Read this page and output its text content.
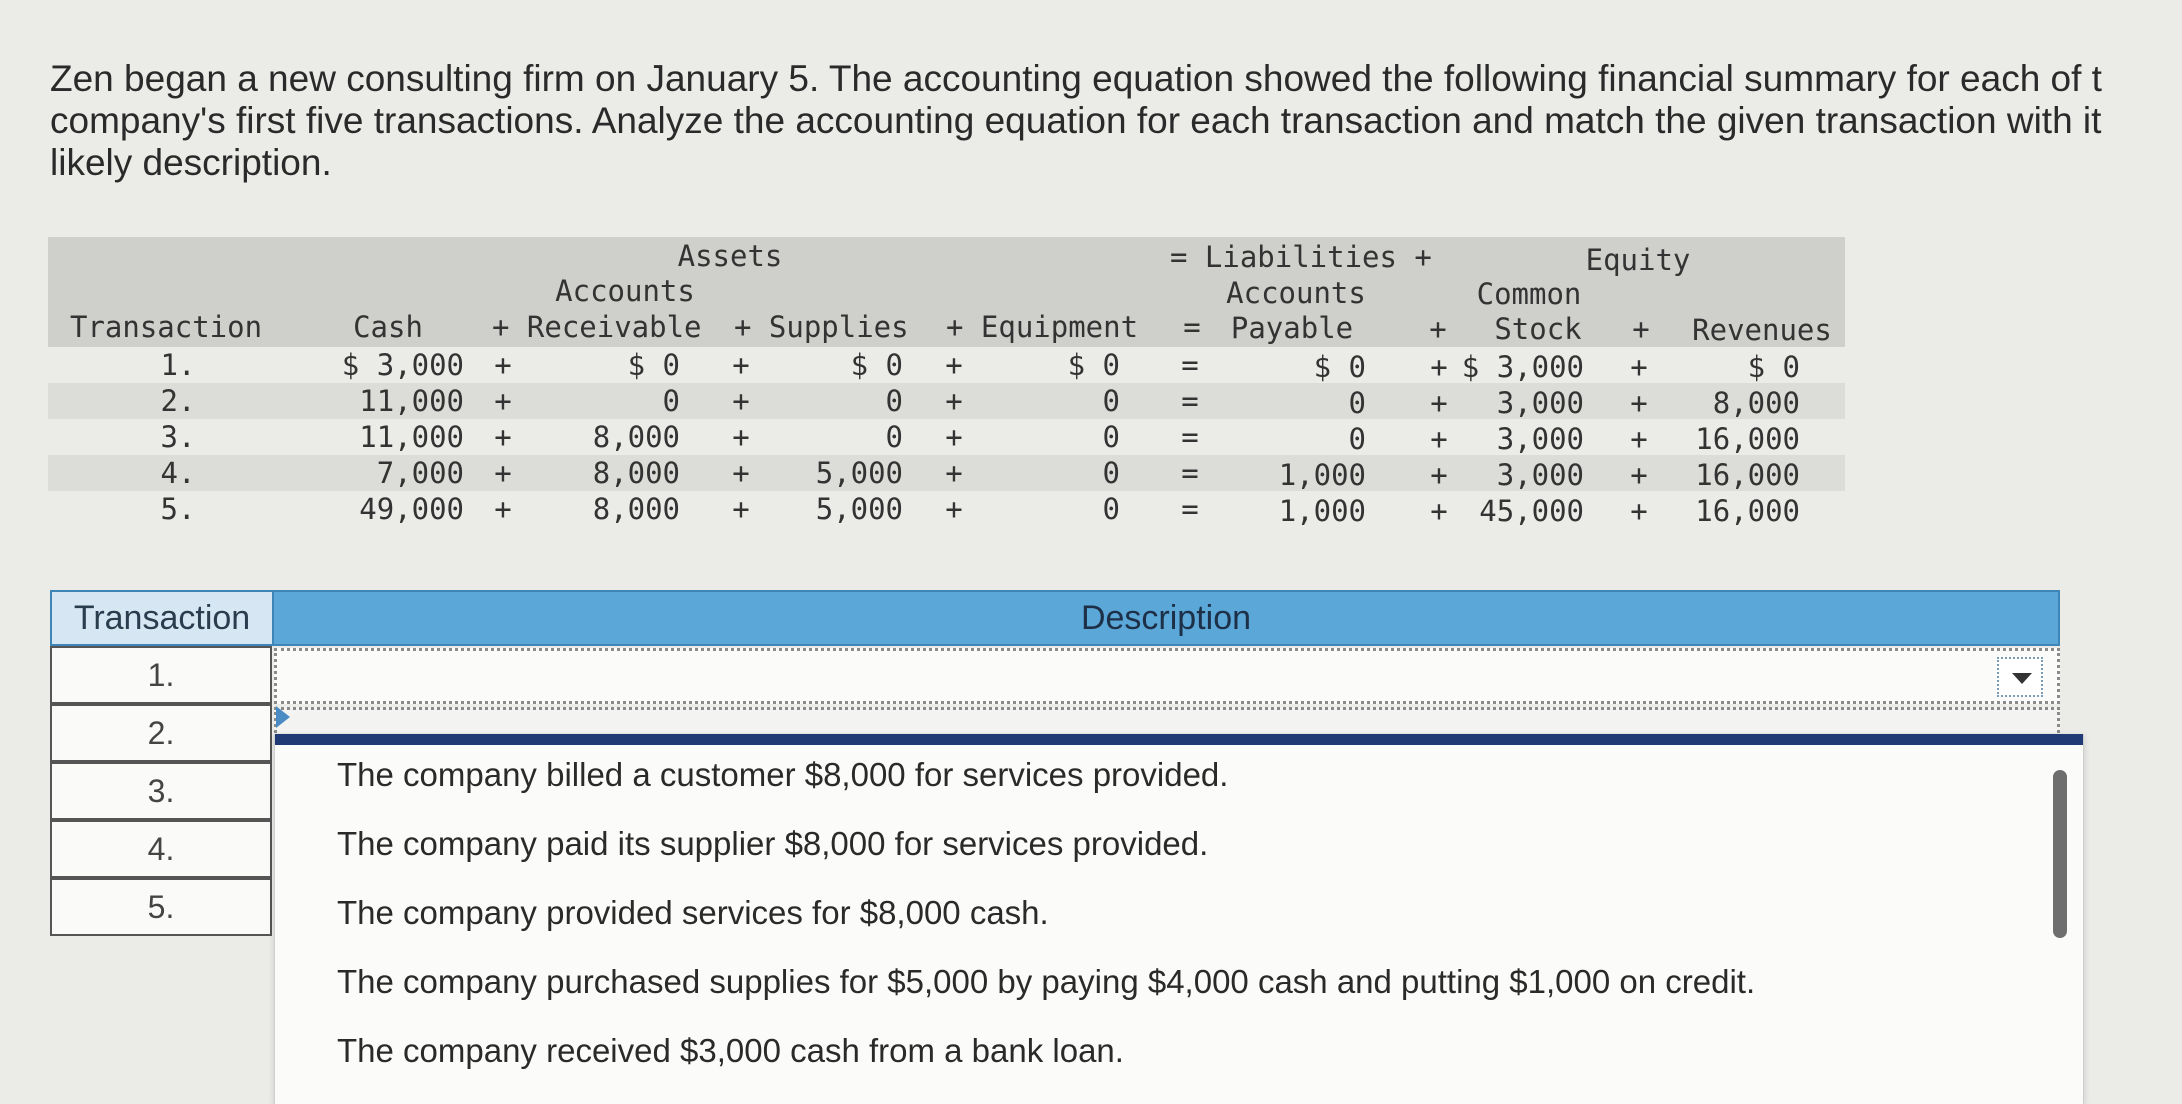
Zen began a new consulting firm on January 5. The accounting equation showed the following financial summary for each of t
company's first five transactions. Analyze the accounting equation for each transaction and match the given transaction with it
likely description.
Assets	= Liabilities +	Equity
Accounts	Accounts	Common
Transaction	Cash + Receivable + Supplies + Equipment = Payable	+ Stock + Revenues
1.	$ 3,000 +	$ 0 +	$ 0 +	$ 0 =	$ 0 + $ 3,000 +	$ 0
2.	11,000 +	0 +	0 +	0 =	0 + 3,000 + 8,000
3.	11,000 +	8,000 +	0 +	0 =	0 + 3,000 + 16,000
4.	7,000 +	8,000 + 5,000 +	0 =	1,000 + 3,000 + 16,000
5.	49,000 +	8,000 + 5,000 +	0 =	1,000 + 45,000 + 16,000
Transaction	Description
1.
2.
3.
4.
5.
The company billed a customer $8,000 for services provided.
The company paid its supplier $8,000 for services provided.
The company provided services for $8,000 cash.
The company purchased supplies for $5,000 by paying $4,000 cash and putting $1,000 on credit.
The company received $3,000 cash from a bank loan.
